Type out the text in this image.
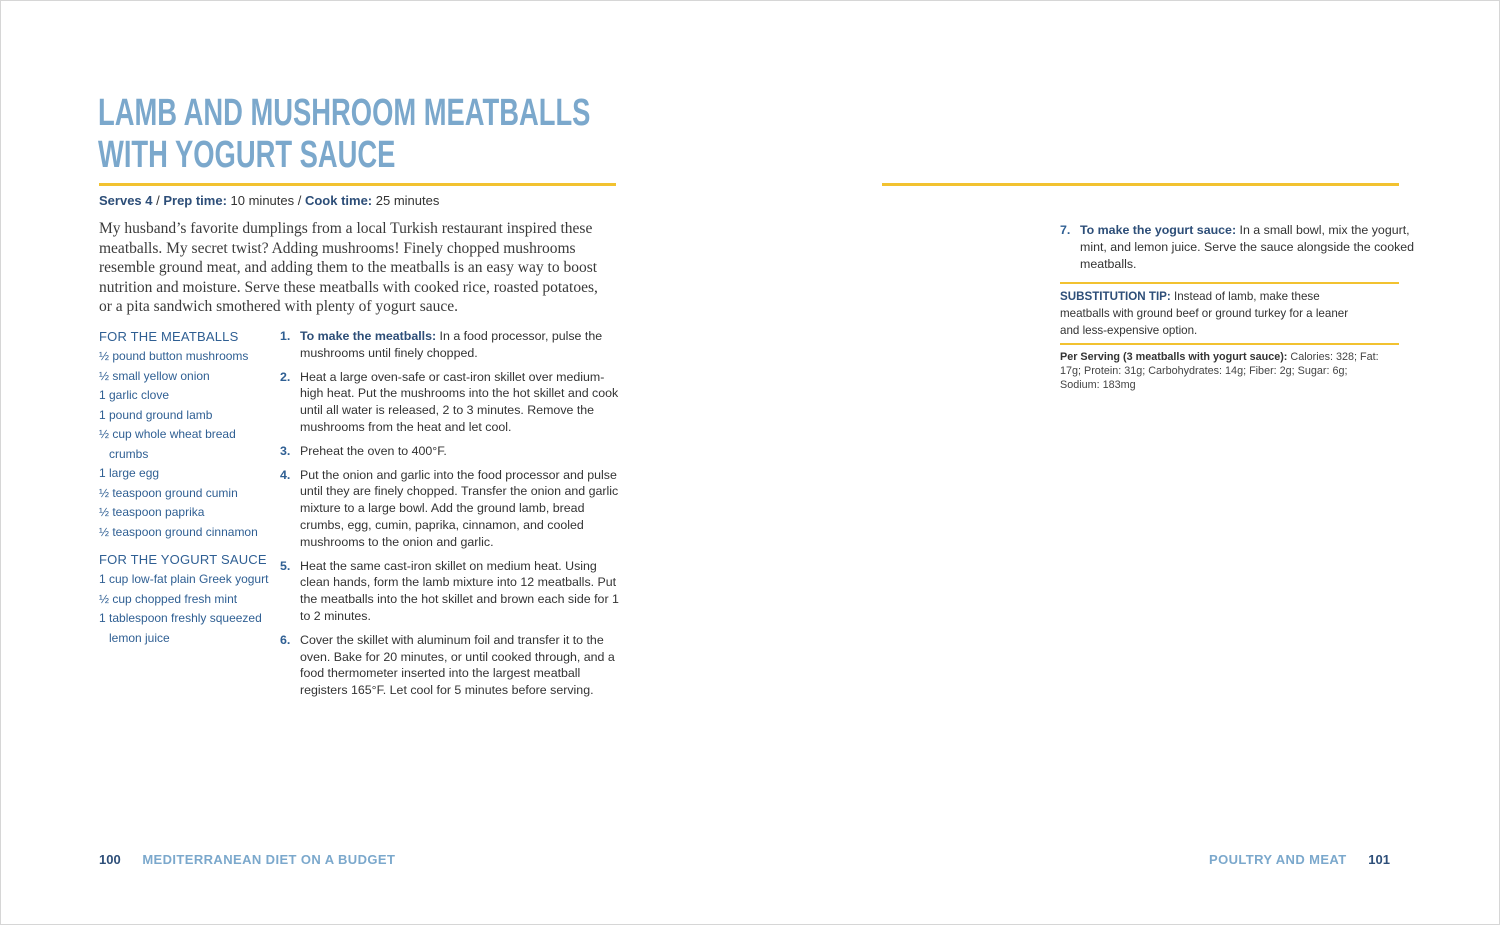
LAMB AND MUSHROOM MEATBALLS
WITH YOGURT SAUCE
Serves 4 / Prep time: 10 minutes / Cook time: 25 minutes

My husband’s favorite dumplings from a local Turkish restaurant inspired these meatballs. My secret twist? Adding mushrooms! Finely chopped mushrooms resemble ground meat, and adding them to the meatballs is an easy way to boost nutrition and moisture. Serve these meatballs with cooked rice, roasted potatoes, or a pita sandwich smothered with plenty of yogurt sauce.

FOR THE MEATBALLS
½ pound button mushrooms
½ small yellow onion
1 garlic clove
1 pound ground lamb
½ cup whole wheat bread crumbs
1 large egg
½ teaspoon ground cumin
½ teaspoon paprika
½ teaspoon ground cinnamon
FOR THE YOGURT SAUCE
1 cup low-fat plain Greek yogurt
½ cup chopped fresh mint
1 tablespoon freshly squeezed lemon juice
1. To make the meatballs: In a food processor, pulse the mushrooms until finely chopped.
2. Heat a large oven-safe or cast-iron skillet over medium-high heat. Put the mushrooms into the hot skillet and cook until all water is released, 2 to 3 minutes. Remove the mushrooms from the heat and let cool.
3. Preheat the oven to 400°F.
4. Put the onion and garlic into the food processor and pulse until they are finely chopped. Transfer the onion and garlic mixture to a large bowl. Add the ground lamb, bread crumbs, egg, cumin, paprika, cinnamon, and cooled mushrooms to the onion and garlic.
5. Heat the same cast-iron skillet on medium heat. Using clean hands, form the lamb mixture into 12 meatballs. Put the meatballs into the hot skillet and brown each side for 1 to 2 minutes.
6. Cover the skillet with aluminum foil and transfer it to the oven. Bake for 20 minutes, or until cooked through, and a food thermometer inserted into the largest meatball registers 165°F. Let cool for 5 minutes before serving.
100 MEDITERRANEAN DIET ON A BUDGET
7. To make the yogurt sauce: In a small bowl, mix the yogurt, mint, and lemon juice. Serve the sauce alongside the cooked meatballs.
SUBSTITUTION TIP: Instead of lamb, make these meatballs with ground beef or ground turkey for a leaner and less-expensive option.
Per Serving (3 meatballs with yogurt sauce): Calories: 328; Fat: 17g; Protein: 31g; Carbohydrates: 14g; Fiber: 2g; Sugar: 6g; Sodium: 183mg
POULTRY AND MEAT 101
